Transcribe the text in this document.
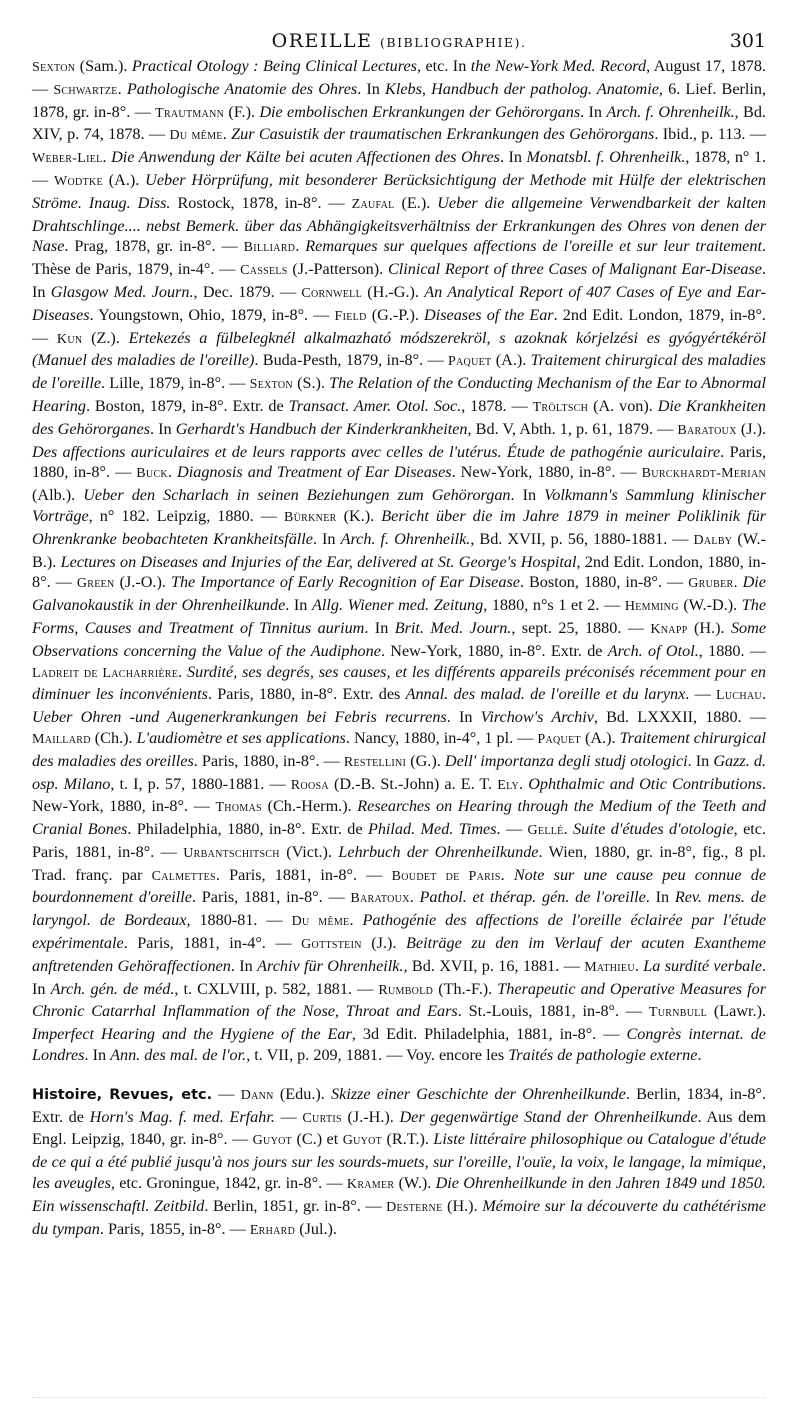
OREILLE (BIBLIOGRAPHIE).	301

Sexton (Sam.). Practical Otology : Being Clinical Lectures, etc. In the New-York Med. Record, August 17, 1878. — Schwartze. Pathologische Anatomie des Ohres. In Klebs, Handbuch der patholog. Anatomie, 6. Lief. Berlin, 1878, gr. in-8°. — Trautmann (F.). Die embolischen Erkrankungen der Gehörorgans. In Arch. f. Ohrenheilk., Bd. XIV, p. 74, 1878. — Du même. Zur Casuistik der traumatischen Erkrankungen des Gehörorgans. Ibid., p. 113. — Weber-Liel. Die Anwendung der Kälte bei acuten Affectionen des Ohres. In Monatsbl. f. Ohrenheilk., 1878, n° 1. — Wodtke (A.). Ueber Hörprüfung, mit besonderer Berücksichtigung der Methode mit Hülfe der elektrischen Ströme. Inaug. Diss. Rostock, 1878, in-8°. — Zaufal (E.). Ueber die allgemeine Verwendbarkeit der kalten Drahtschlinge.... nebst Bemerk. über das Abhängigkeitsverhältniss der Erkrankungen des Ohres von denen der Nase. Prag, 1878, gr. in-8°. — Billiard. Remarques sur quelques affections de l'oreille et sur leur traitement. Thèse de Paris, 1879, in-4°. — Cassels (J.-Patterson). Clinical Report of three Cases of Malignant Ear-Disease. In Glasgow Med. Journ., Dec. 1879. — Cornwell (H.-G.). An Analytical Report of 407 Cases of Eye and Ear-Diseases. Youngstown, Ohio, 1879, in-8°. — Field (G.-P.). Diseases of the Ear. 2nd Edit. London, 1879, in-8°. — Kun (Z.). Ertekezés a fülbelegknél alkalmazható módszerekröl, s azoknak kórjelzési es gyógyértékéröl (Manuel des maladies de l'oreille). Buda-Pesth, 1879, in-8°. — Paquet (A.). Traitement chirurgical des maladies de l'oreille. Lille, 1879, in-8°. — Sexton (S.). The Relation of the Conducting Mechanism of the Ear to Abnormal Hearing. Boston, 1879, in-8°. Extr. de Transact. Amer. Otol. Soc., 1878. — Tröltsch (A. von). Die Krankheiten des Gehörorganes. In Gerhardt's Handbuch der Kinderkrankheiten, Bd. V, Abth. 1, p. 61, 1879. — Baratoux (J.). Des affections auriculaires et de leurs rapports avec celles de l'utérus. Étude de pathogénie auriculaire. Paris, 1880, in-8°. — Buck. Diagnosis and Treatment of Ear Diseases. New-York, 1880, in-8°. — Burckhardt-Merian (Alb.). Ueber den Scharlach in seinen Beziehungen zum Gehörorgan. In Volkmann's Sammlung klinischer Vorträge, n° 182. Leipzig, 1880. — Bürkner (K.). Bericht über die im Jahre 1879 in meiner Poliklinik für Ohrenkranke beobachteten Krankheitsfälle. In Arch. f. Ohrenheilk., Bd. XVII, p. 56, 1880-1881. — Dalby (W.-B.). Lectures on Diseases and Injuries of the Ear, delivered at St. George's Hospital, 2nd Edit. London, 1880, in-8°. — Green (J.-O.). The Importance of Early Recognition of Ear Disease. Boston, 1880, in-8°. — Gruber. Die Galvanokaustik in der Ohrenheilkunde. In Allg. Wiener med. Zeitung, 1880, n°s 1 et 2. — Hemming (W.-D.). The Forms, Causes and Treatment of Tinnitus aurium. In Brit. Med. Journ., sept. 25, 1880. — Knapp (H.). Some Observations concerning the Value of the Audiphone. New-York, 1880, in-8°. Extr. de Arch. of Otol., 1880. — Ladreit de Lacharrière. Surdité, ses degrés, ses causes, et les différents appareils préconisés récemment pour en diminuer les inconvénients. Paris, 1880, in-8°. Extr. des Annal. des malad. de l'oreille et du larynx. — Luchau. Ueber Ohren -und Augenerkrankungen bei Febris recurrens. In Virchow's Archiv, Bd. LXXXII, 1880. — Maillard (Ch.). L'audiomètre et ses applications. Nancy, 1880, in-4°, 1 pl. — Paquet (A.). Traitement chirurgical des maladies des oreilles. Paris, 1880, in-8°. — Restellini (G.). Dell' importanza degli studj otologici. In Gazz. d. osp. Milano, t. I, p. 57, 1880-1881. — Roosa (D.-B. St.-John) a. E. T. Ely. Ophthalmic and Otic Contributions. New-York, 1880, in-8°. — Thomas (Ch.-Herm.). Researches on Hearing through the Medium of the Teeth and Cranial Bones. Philadelphia, 1880, in-8°. Extr. de Philad. Med. Times. — Gellé. Suite d'études d'otologie, etc. Paris, 1881, in-8°. — Urbantschitsch (Vict.). Lehrbuch der Ohrenheilkunde. Wien, 1880, gr. in-8°, fig., 8 pl. Trad. franç. par Calmettes. Paris, 1881, in-8°. — Boudet de Paris. Note sur une cause peu connue de bourdonnement d'oreille. Paris, 1881, in-8°. — Baratoux. Pathol. et thérap. gén. de l'oreille. In Rev. mens. de laryngol. de Bordeaux, 1880-81. — Du même. Pathogénie des affections de l'oreille éclairée par l'étude expérimentale. Paris, 1881, in-4°. — Gottstein (J.). Beiträge zu den im Verlauf der acuten Exantheme anftretenden Gehöraffectionen. In Archiv für Ohrenheilk., Bd. XVII, p. 16, 1881. — Mathieu. La surdité verbale. In Arch. gén. de méd., t. CXLVIII, p. 582, 1881. — Rumbold (Th.-F.). Therapeutic and Operative Measures for Chronic Catarrhal Inflammation of the Nose, Throat and Ears. St.-Louis, 1881, in-8°. — Turnbull (Lawr.). Imperfect Hearing and the Hygiene of the Ear, 3d Edit. Philadelphia, 1881, in-8°. — Congrès internat. de Londres. In Ann. des mal. de l'or., t. VII, p. 209, 1881. — Voy. encore les Traités de pathologie externe.

Histoire, Revues, etc. — Dann (Edu.). Skizze einer Geschichte der Ohrenheilkunde. Berlin, 1834, in-8°. Extr. de Horn's Mag. f. med. Erfahr. — Curtis (J.-H.). Der gegenwärtige Stand der Ohrenheilkunde. Aus dem Engl. Leipzig, 1840, gr. in-8°. — Guyot (C.) et Guyot (R.T.). Liste littéraire philosophique ou Catalogue d'étude de ce qui a été publié jusqu'à nos jours sur les sourds-muets, sur l'oreille, l'ouïe, la voix, le langage, la mimique, les aveugles, etc. Groningue, 1842, gr. in-8°. — Kramer (W.). Die Ohrenheilkunde in den Jahren 1849 und 1850. Ein wissenschaftl. Zeitbild. Berlin, 1851, gr. in-8°. — Desterne (H.). Mémoire sur la découverte du cathétérisme du tympan. Paris, 1855, in-8°. — Erhard (Jul.).
